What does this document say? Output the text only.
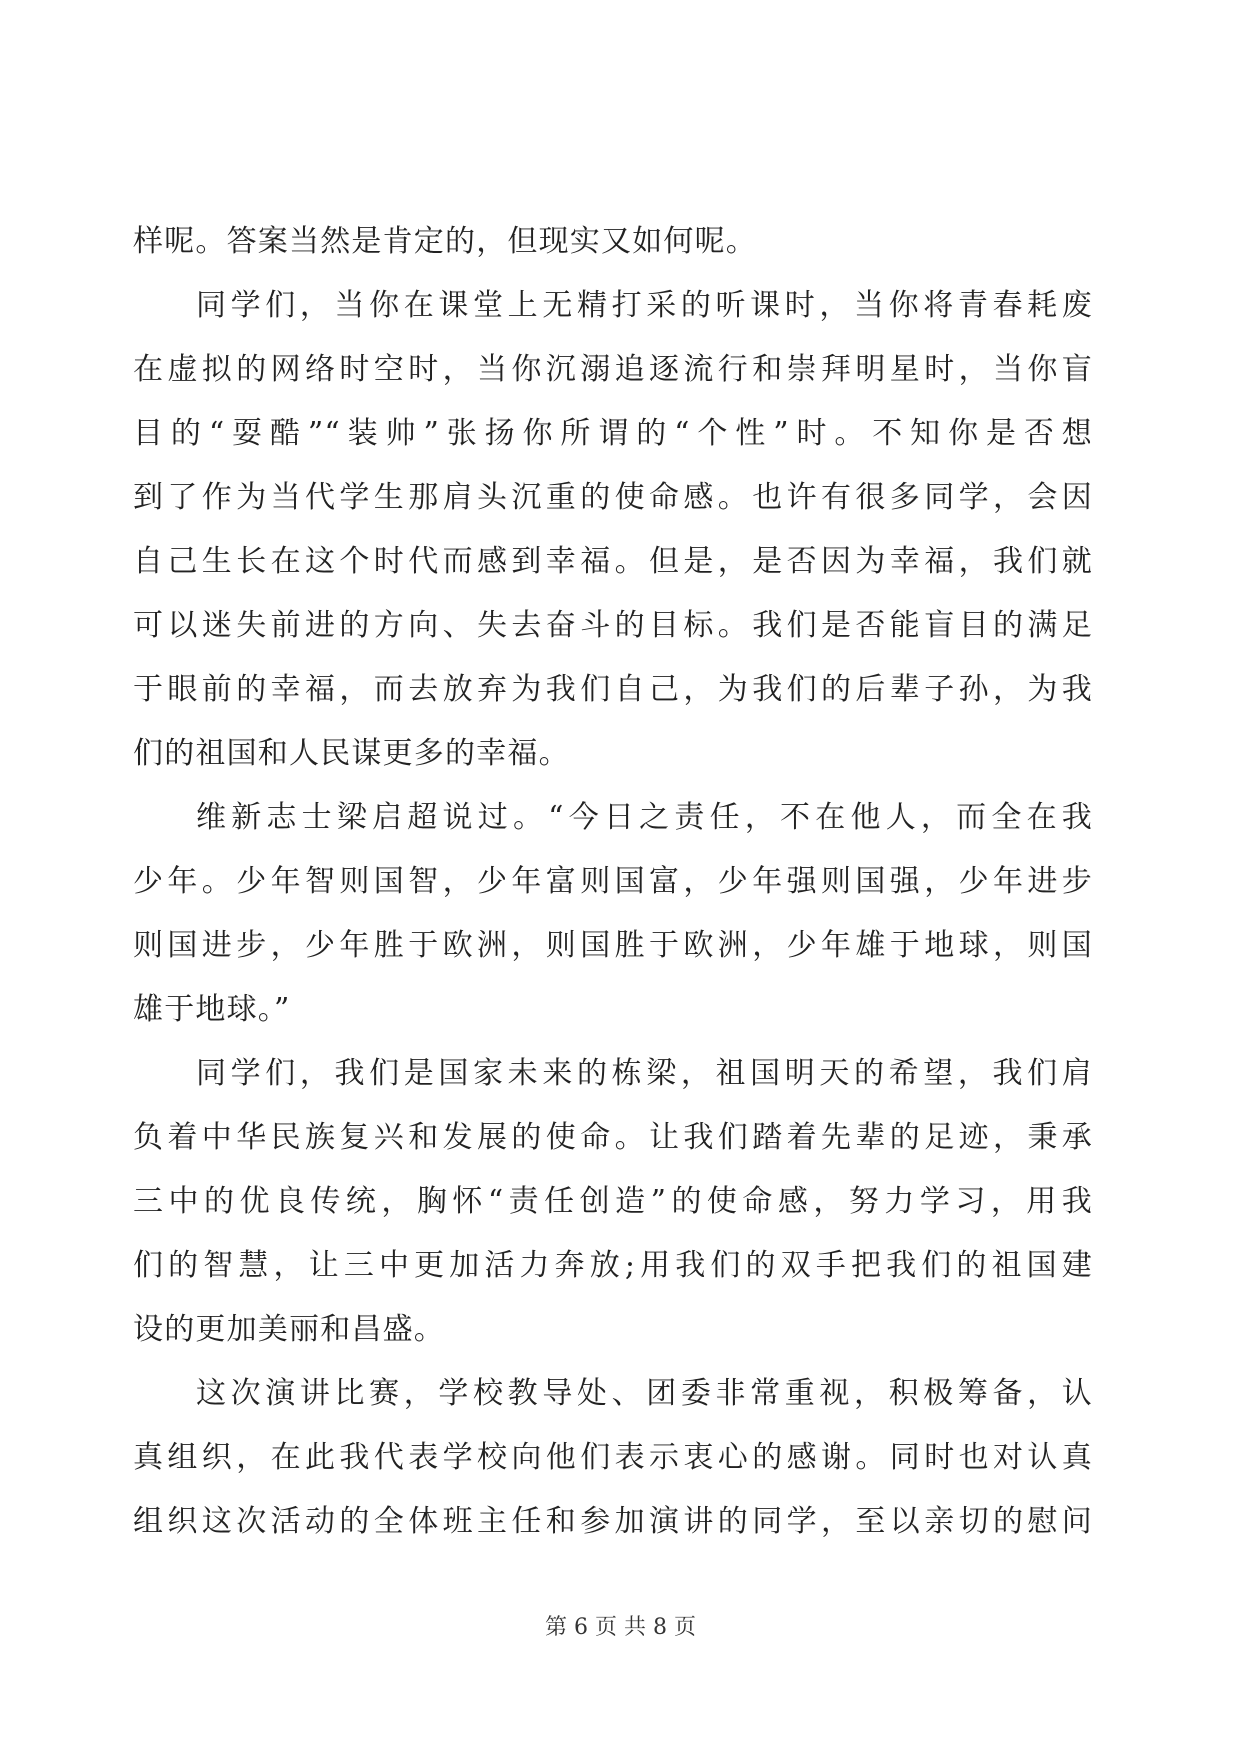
样呢。答案当然是肯定的，但现实又如何呢。
同学们，当你在课堂上无精打采的听课时，当你将青春耗废
在虚拟的网络时空时，当你沉溺追逐流行和崇拜明星时，当你盲
目的“耍酷”“装帅”张扬你所谓的“个性”时。不知你是否想
到了作为当代学生那肩头沉重的使命感。也许有很多同学，会因
自己生长在这个时代而感到幸福。但是，是否因为幸福，我们就
可以迷失前进的方向、失去奋斗的目标。我们是否能盲目的满足
于眼前的幸福，而去放弃为我们自己，为我们的后辈子孙，为我
们的祖国和人民谋更多的幸福。
维新志士梁启超说过。“今日之责任，不在他人，而全在我
少年。少年智则国智，少年富则国富，少年强则国强，少年进步
则国进步，少年胜于欧洲，则国胜于欧洲，少年雄于地球，则国
雄于地球。”
同学们，我们是国家未来的栋梁，祖国明天的希望，我们肩
负着中华民族复兴和发展的使命。让我们踏着先辈的足迹，秉承
三中的优良传统，胸怀“责任创造”的使命感，努力学习，用我
们的智慧，让三中更加活力奔放;用我们的双手把我们的祖国建
设的更加美丽和昌盛。
这次演讲比赛，学校教导处、团委非常重视，积极筹备，认
真组织，在此我代表学校向他们表示衷心的感谢。同时也对认真
组织这次活动的全体班主任和参加演讲的同学，至以亲切的慰问
第 6 页 共 8 页
